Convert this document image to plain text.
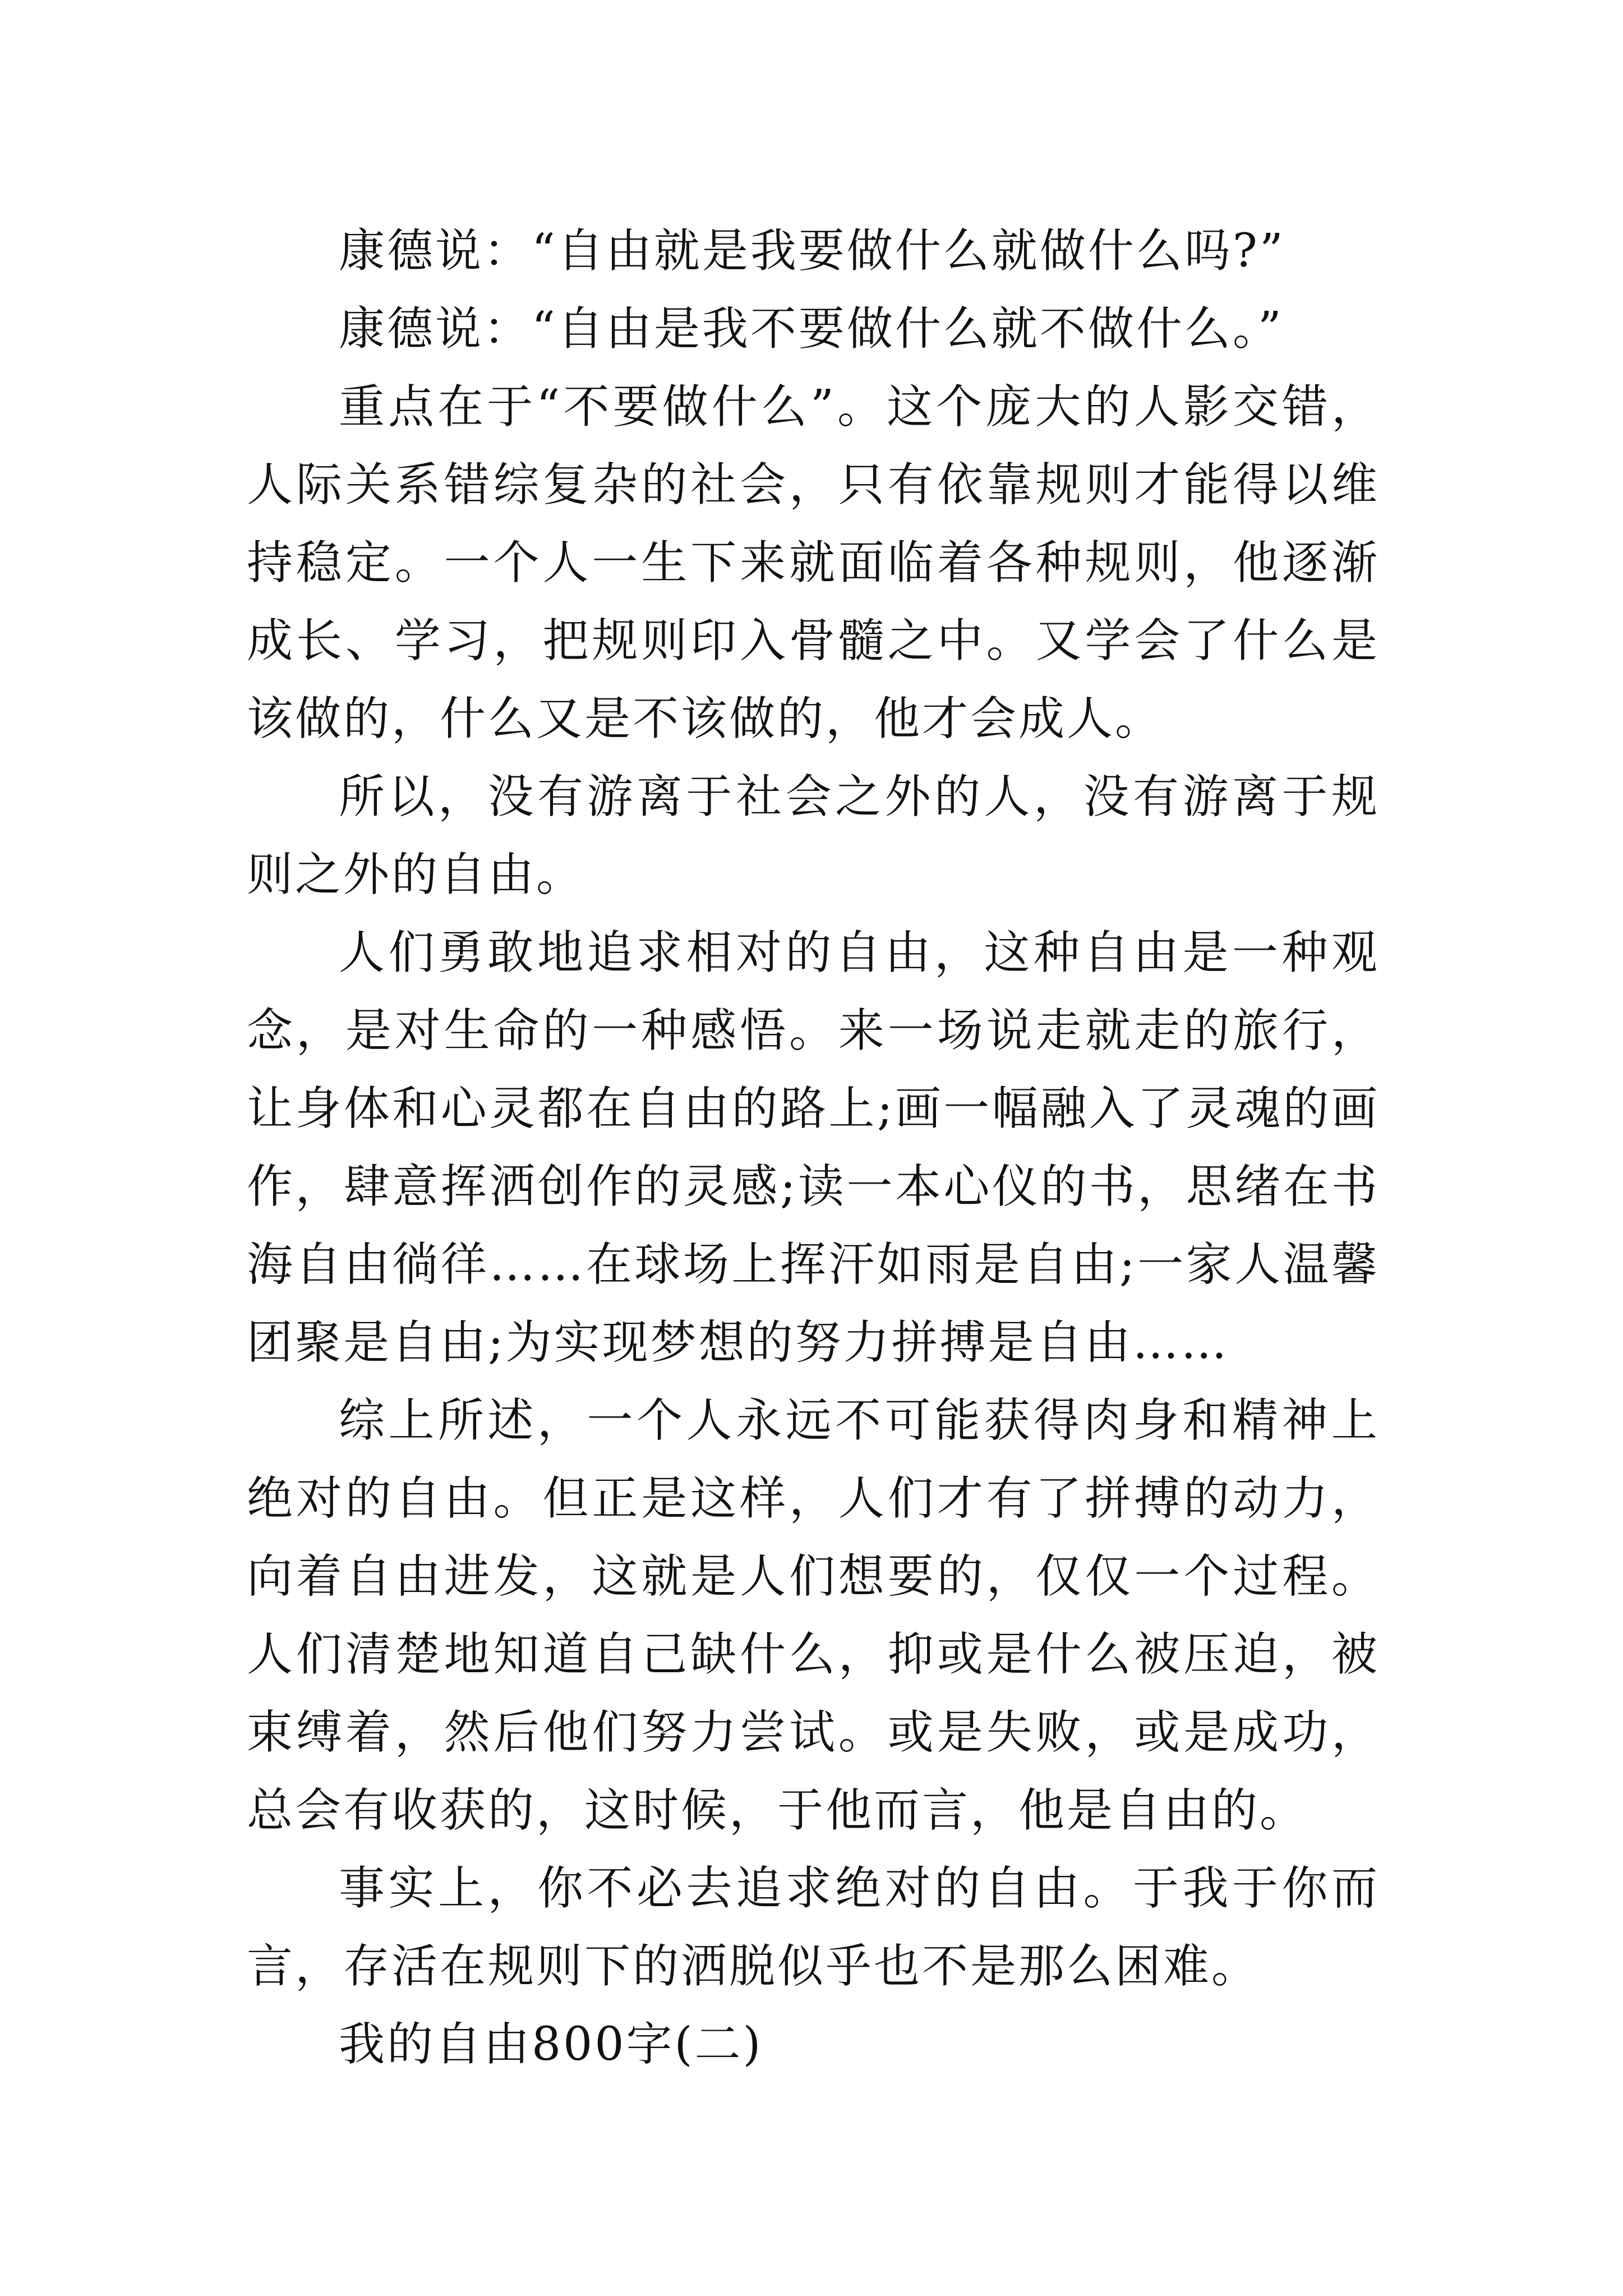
康德说：“自由就是我要做什么就做什么吗?”

康德说：“自由是我不要做什么就不做什么。”

重点在于“不要做什么”。这个庞大的人影交错，人际关系错综复杂的社会，只有依靠规则才能得以维持稳定。一个人一生下来就面临着各种规则，他逐渐成长、学习，把规则印入骨髓之中。又学会了什么是该做的，什么又是不该做的，他才会成人。

所以，没有游离于社会之外的人，没有游离于规则之外的自由。

人们勇敢地追求相对的自由，这种自由是一种观念，是对生命的一种感悟。来一场说走就走的旅行，让身体和心灵都在自由的路上;画一幅融入了灵魂的画作，肆意挥洒创作的灵感;读一本心仪的书，思绪在书海自由徜徉……在球场上挥汗如雨是自由;一家人温馨团聚是自由;为实现梦想的努力拼搏是自由……

综上所述，一个人永远不可能获得肉身和精神上绝对的自由。但正是这样，人们才有了拼搏的动力，向着自由进发，这就是人们想要的，仅仅一个过程。人们清楚地知道自己缺什么，抑或是什么被压迫，被束缚着，然后他们努力尝试。或是失败，或是成功，总会有收获的，这时候，于他而言，他是自由的。

事实上，你不必去追求绝对的自由。于我于你而言，存活在规则下的洒脱似乎也不是那么困难。

我的自由800字(二)
